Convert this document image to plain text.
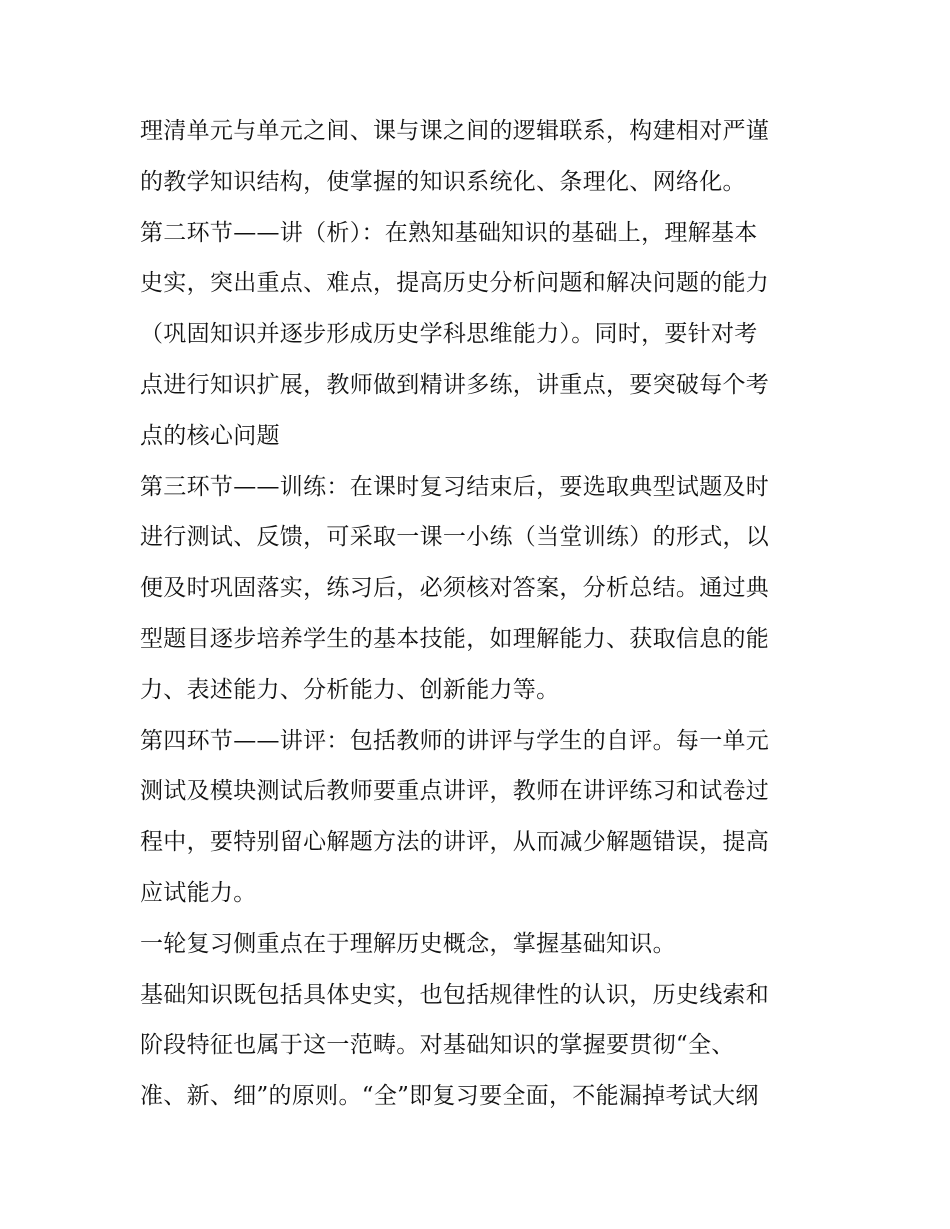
理清单元与单元之间、课与课之间的逻辑联系，构建相对严谨
的教学知识结构，使掌握的知识系统化、条理化、网络化。
第二环节——讲（析）：在熟知基础知识的基础上，理解基本
史实，突出重点、难点，提高历史分析问题和解决问题的能力
（巩固知识并逐步形成历史学科思维能力）。同时，要针对考
点进行知识扩展，教师做到精讲多练，讲重点，要突破每个考
点的核心问题
第三环节——训练：在课时复习结束后，要选取典型试题及时
进行测试、反馈，可采取一课一小练（当堂训练）的形式，以
便及时巩固落实，练习后，必须核对答案，分析总结。通过典
型题目逐步培养学生的基本技能，如理解能力、获取信息的能
力、表述能力、分析能力、创新能力等。
第四环节——讲评：包括教师的讲评与学生的自评。每一单元
测试及模块测试后教师要重点讲评，教师在讲评练习和试卷过
程中，要特别留心解题方法的讲评，从而减少解题错误，提高
应试能力。
一轮复习侧重点在于理解历史概念，掌握基础知识。
基础知识既包括具体史实，也包括规律性的认识，历史线索和
阶段特征也属于这一范畴。对基础知识的掌握要贯彻“全、
准、新、细”的原则。“全”即复习要全面，不能漏掉考试大纲
